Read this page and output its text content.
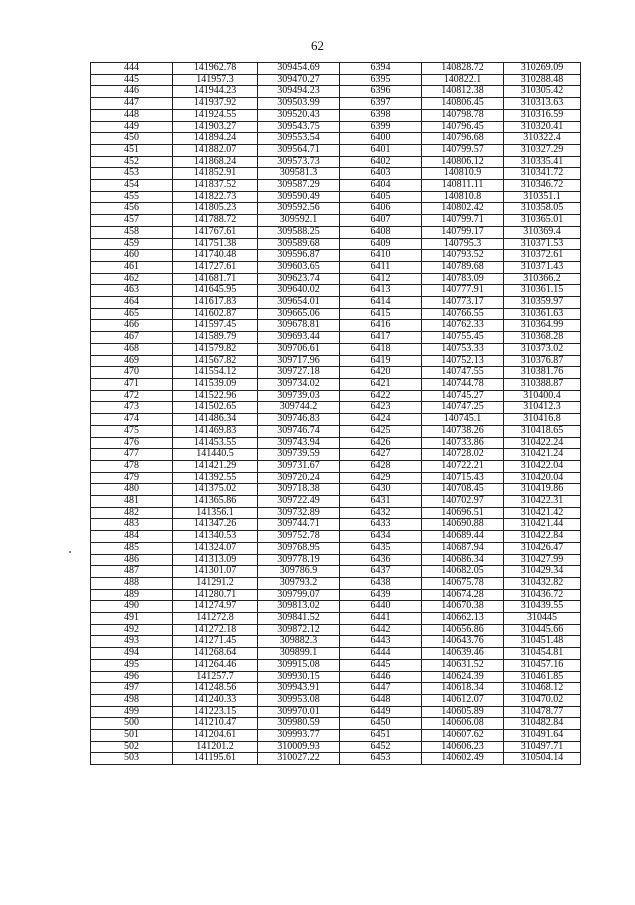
62
444	141962.78	309454.69	6394	140828.72	310269.09
445	141957.3	309470.27	6395	140822.1	310288.48
446	141944.23	309494.23	6396	140812.38	310305.42
447	141937.92	309503.99	6397	140806.45	310313.63
448	141924.55	309520.43	6398	140798.78	310316.59
449	141903.27	309543.75	6399	140796.45	310320.41
450	141894.24	309553.54	6400	140796.68	310322.4
451	141882.07	309564.71	6401	140799.57	310327.29
452	141868.24	309573.73	6402	140806.12	310335.41
453	141852.91	309581.3	6403	140810.9	310341.72
454	141837.52	309587.29	6404	140811.11	310346.72
455	141822.73	309590.49	6405	140810.8	310351.1
456	141805.23	309592.56	6406	140802.42	310358.05
457	141788.72	309592.1	6407	140799.71	310365.01
458	141767.61	309588.25	6408	140799.17	310369.4
459	141751.38	309589.68	6409	140795.3	310371.53
460	141740.48	309596.87	6410	140793.52	310372.61
461	141727.61	309603.65	6411	140789.68	310371.43
462	141681.71	309623.74	6412	140783.09	310366.2
463	141645.95	309640.02	6413	140777.91	310361.15
464	141617.83	309654.01	6414	140773.17	310359.97
465	141602.87	309665.06	6415	140766.55	310361.63
466	141597.45	309678.81	6416	140762.33	310364.99
467	141589.79	309693.44	6417	140755.45	310368.28
468	141579.82	309706.61	6418	140753.33	310373.02
469	141567.82	309717.96	6419	140752.13	310376.87
470	141554.12	309727.18	6420	140747.55	310381.76
471	141539.09	309734.02	6421	140744.78	310388.87
472	141522.96	309739.03	6422	140745.27	310400.4
473	141502.65	309744.2	6423	140747.25	310412.3
474	141486.34	309746.83	6424	140745.1	310416.8
475	141469.83	309746.74	6425	140738.26	310418.65
476	141453.55	309743.94	6426	140733.86	310422.24
477	141440.5	309739.59	6427	140728.02	310421.24
478	141421.29	309731.67	6428	140722.21	310422.04
479	141392.55	309720.24	6429	140715.43	310420.04
480	141375.02	309718.38	6430	140708.45	310419.86
481	141365.86	309722.49	6431	140702.97	310422.31
482	141356.1	309732.89	6432	140696.51	310421.42
483	141347.26	309744.71	6433	140690.88	310421.44
484	141340.53	309752.78	6434	140689.44	310422.84
485	141324.07	309768.95	6435	140687.94	310426.47
486	141313.09	309778.19	6436	140686.34	310427.99
487	141301.07	309786.9	6437	140682.05	310429.34
488	141291.2	309793.2	6438	140675.78	310432.82
489	141280.71	309799.07	6439	140674.28	310436.72
490	141274.97	309813.02	6440	140670.38	310439.55
491	141272.8	309841.52	6441	140662.13	310445
492	141272.18	309872.12	6442	140656.86	310445.66
493	141271.45	309882.3	6443	140643.76	310451.48
494	141268.64	309899.1	6444	140639.46	310454.81
495	141264.46	309915.08	6445	140631.52	310457.16
496	141257.7	309930.15	6446	140624.39	310461.85
497	141248.56	309943.91	6447	140618.34	310468.12
498	141240.33	309953.08	6448	140612.07	310470.02
499	141223.15	309970.01	6449	140605.89	310478.77
500	141210.47	309980.59	6450	140606.08	310482.84
501	141204.61	309993.77	6451	140607.62	310491.64
502	141201.2	310009.93	6452	140606.23	310497.71
503	141195.61	310027.22	6453	140602.49	310504.14
